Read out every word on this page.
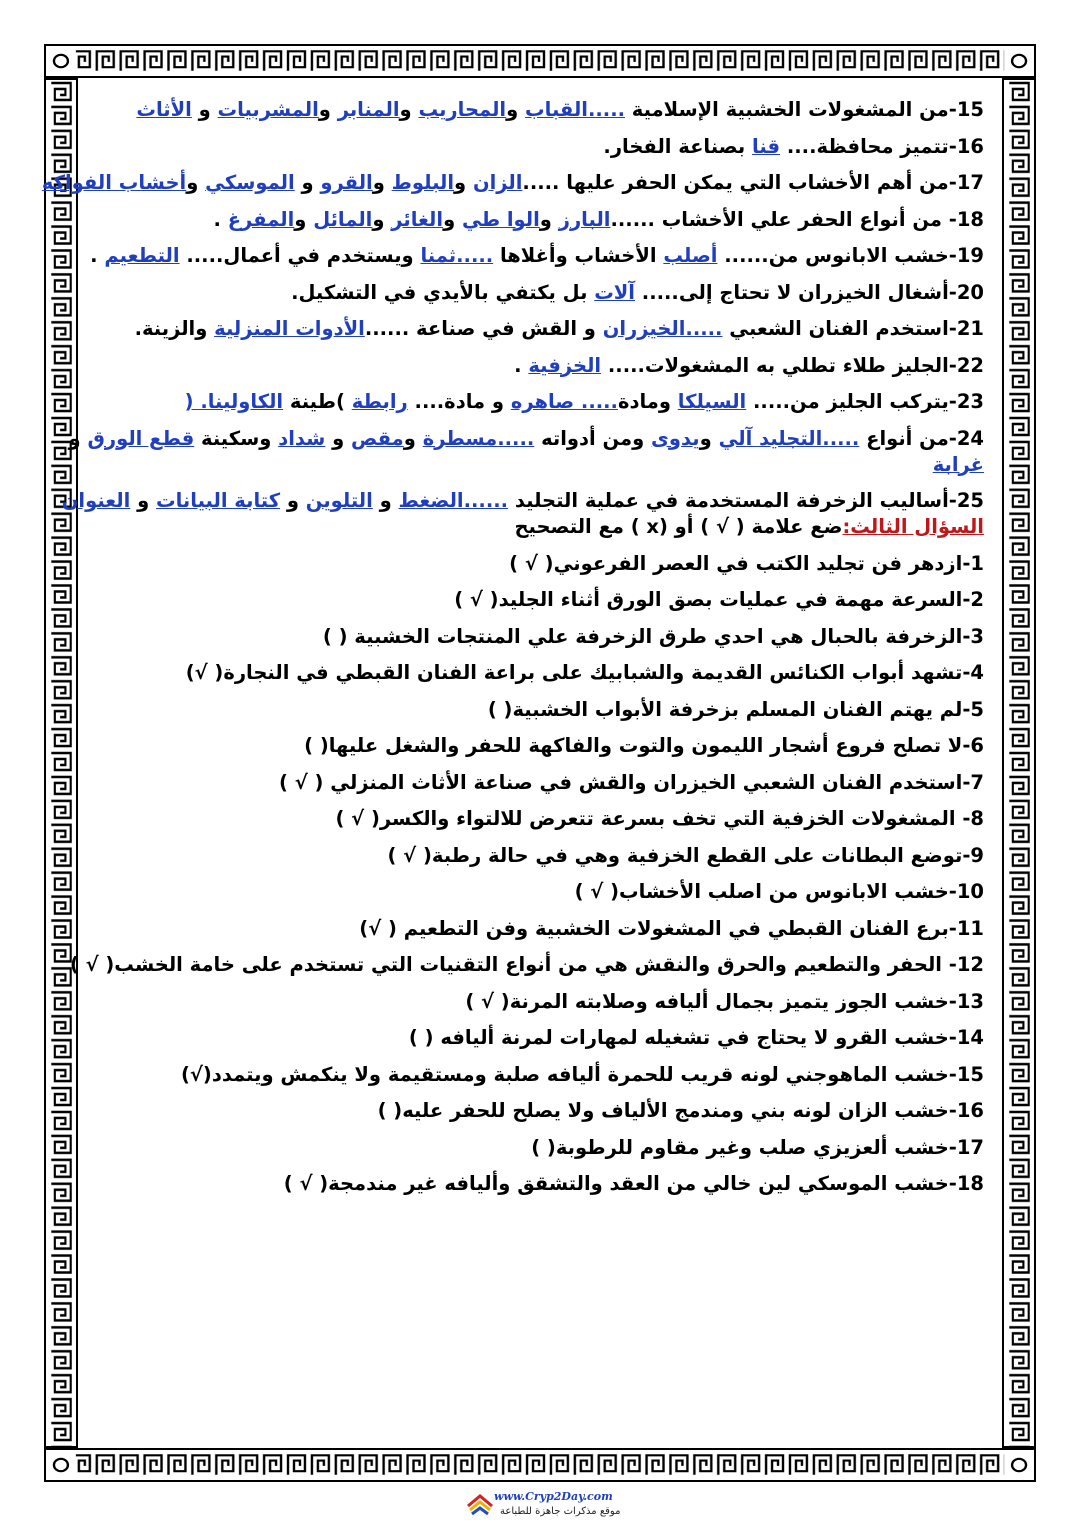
15-من المشغولات الخشبية الإسلامية .....القباب والمحاريب والمنابر والمشربيات و الأثاث
16-تتميز محافظة.... قنا بصناعة الفخار.
17-من أهم الأخشاب التي يمكن الحفر عليها .....الزان والبلوط والقرو و الموسكي وأخشاب الفواكه
18- من أنواع الحفر علي الأخشاب ......البارز والوا طي والغائر والمائل والمفرغ .
19-خشب الابانوس من...... أصلب الأخشاب وأغلاها .....ثمنا ويستخدم في أعمال..... التطعيم .
20-أشغال الخيزران لا تحتاج إلى..... آلات بل يكتفي بالأيدي في التشكيل.
21-استخدم الفنان الشعبي .....الخيزران و القش في صناعة ......الأدوات المنزلية والزينة.
22-الجليز طلاء تطلي به المشغولات..... الخزفية .
23-يتركب الجليز من..... السيلكا ومادة..... صاهره و مادة.... رابطة )طينة الكاولينا. (
24-من أنواع .....التجليد آلي ويدوى ومن أدواته .....مسطرة ومقص و شداد وسكينة قطع الورق و
غرابة
25-أساليب الزخرفة المستخدمة في عملية التجليد ......الضغط و التلوين و كتابة البيانات و العنوان
السؤال الثالث:ضع علامة ( √ ) أو (x ) مع التصحيح
1-ازدهر فن تجليد الكتب في العصر الفرعوني( √ )
2-السرعة مهمة في عمليات بصق الورق أثناء الجليد( √ )
3-الزخرفة بالحبال هي احدي طرق الزخرفة علي المنتجات الخشبية ( )
4-تشهد أبواب الكنائس القديمة والشبابيك على براعة الفنان القبطي في النجارة( √)
5-لم يهتم الفنان المسلم بزخرفة الأبواب الخشبية( )
6-لا تصلح فروع أشجار الليمون والتوت والفاكهة للحفر والشغل عليها( )
7-استخدم الفنان الشعبي الخيزران والقش في صناعة الأثاث المنزلي ( √ )
8- المشغولات الخزفية التي تخف بسرعة تتعرض للالتواء والكسر( √ )
9-توضع البطانات على القطع الخزفية وهي في حالة رطبة( √ )
10-خشب الابانوس من اصلب الأخشاب( √ )
11-برع الفنان القبطي في المشغولات الخشبية وفن التطعيم ( √)
12- الحفر والتطعيم والحرق والنقش هي من أنواع التقنيات التي تستخدم على خامة الخشب( √ )
13-خشب الجوز يتميز بجمال أليافه وصلابته المرنة( √ )
14-خشب القرو لا يحتاج في تشغيله لمهارات لمرنة أليافه ( )
15-خشب الماهوجني لونه قريب للحمرة أليافه صلبة ومستقيمة ولا ينكمش ويتمدد(√)
16-خشب الزان لونه بني ومندمج الألياف ولا يصلح للحفر عليه( )
17-خشب ألعزيزي صلب وغير مقاوم للرطوبة( )
18-خشب الموسكي لين خالي من العقد والتشقق وأليافه غير مندمجة( √ )
www.Cryp2Day.com
موقع مذكرات جاهزة للطباعة
